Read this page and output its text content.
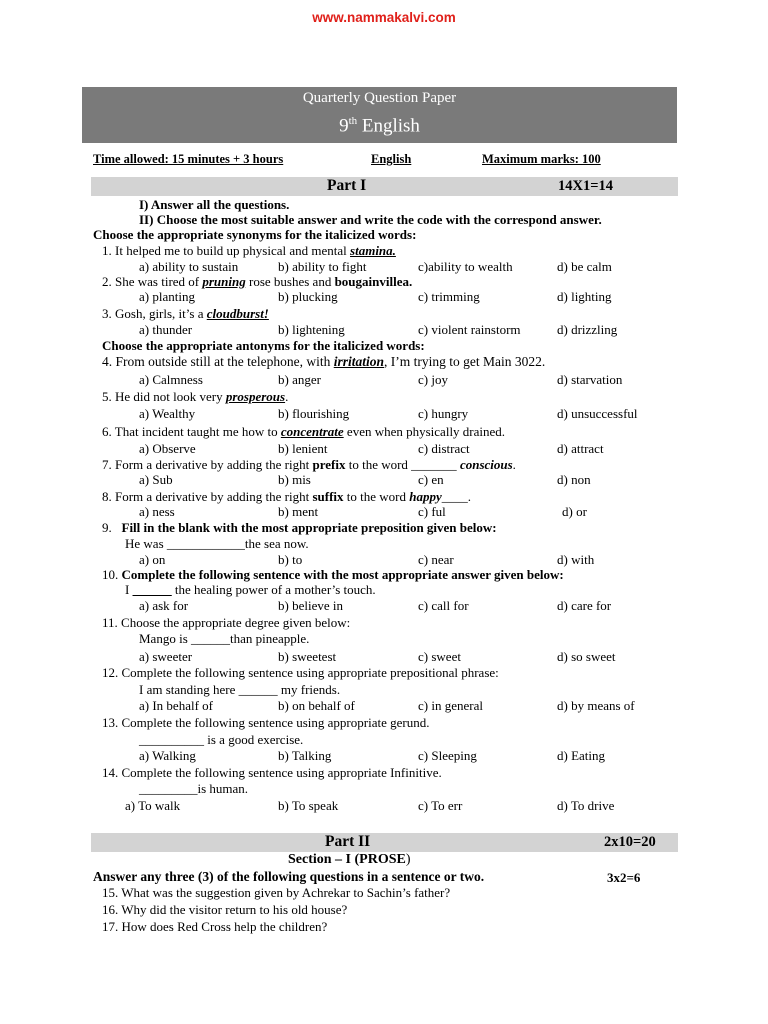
www.nammakalvi.com
Quarterly Question Paper
9th English
Time allowed: 15 minutes + 3 hours	English	Maximum marks: 100
Part I	14X1=14
I) Answer all the questions.
II) Choose the most suitable answer and write the code with the correspond answer.
Choose the appropriate synonyms for the italicized words:
1. It helped me to build up physical and mental stamina.
a) ability to sustain	b) ability to fight	c)ability to wealth	d) be calm
2. She was tired of pruning rose bushes and bougainvillea.
a) planting	b) plucking	c) trimming	d) lighting
3. Gosh, girls, it’s a cloudburst!
a) thunder	b) lightening	c) violent rainstorm	d) drizzling
Choose the appropriate antonyms for the italicized words:
4. From outside still at the telephone, with irritation, I’m trying to get Main 3022.
a) Calmness	b) anger	c) joy	d) starvation
5. He did not look very prosperous.
a) Wealthy	b) flourishing	c) hungry	d) unsuccessful
6. That incident taught me how to concentrate even when physically drained.
a) Observe	b) lenient	c) distract	d) attract
7. Form a derivative by adding the right prefix to the word _______ conscious.
a) Sub	b) mis	c) en	d) non
8. Form a derivative by adding the right suffix to the word happy____.
a) ness	b) ment	c) ful	d) or
9. Fill in the blank with the most appropriate preposition given below:
He was ____________the sea now.
a) on	b) to	c) near	d) with
10. Complete the following sentence with the most appropriate answer given below:
I ______ the healing power of a mother’s touch.
a) ask for	b) believe in	c) call for	d) care for
11. Choose the appropriate degree given below:
Mango is ______than pineapple.
a) sweeter	b) sweetest	c) sweet	d) so sweet
12. Complete the following sentence using appropriate prepositional phrase:
I am standing here ______ my friends.
a) In behalf of	b) on behalf of	c) in general	d) by means of
13. Complete the following sentence using appropriate gerund.
__________ is a good exercise.
a) Walking	b) Talking	c) Sleeping	d) Eating
14. Complete the following sentence using appropriate Infinitive.
_________is human.
a) To walk	b) To speak	c) To err	d) To drive
Part II	2x10=20
Section – I (PROSE)
Answer any three (3) of the following questions in a sentence or two.	3x2=6
15. What was the suggestion given by Achrekar to Sachin’s father?
16. Why did the visitor return to his old house?
17. How does Red Cross help the children?
